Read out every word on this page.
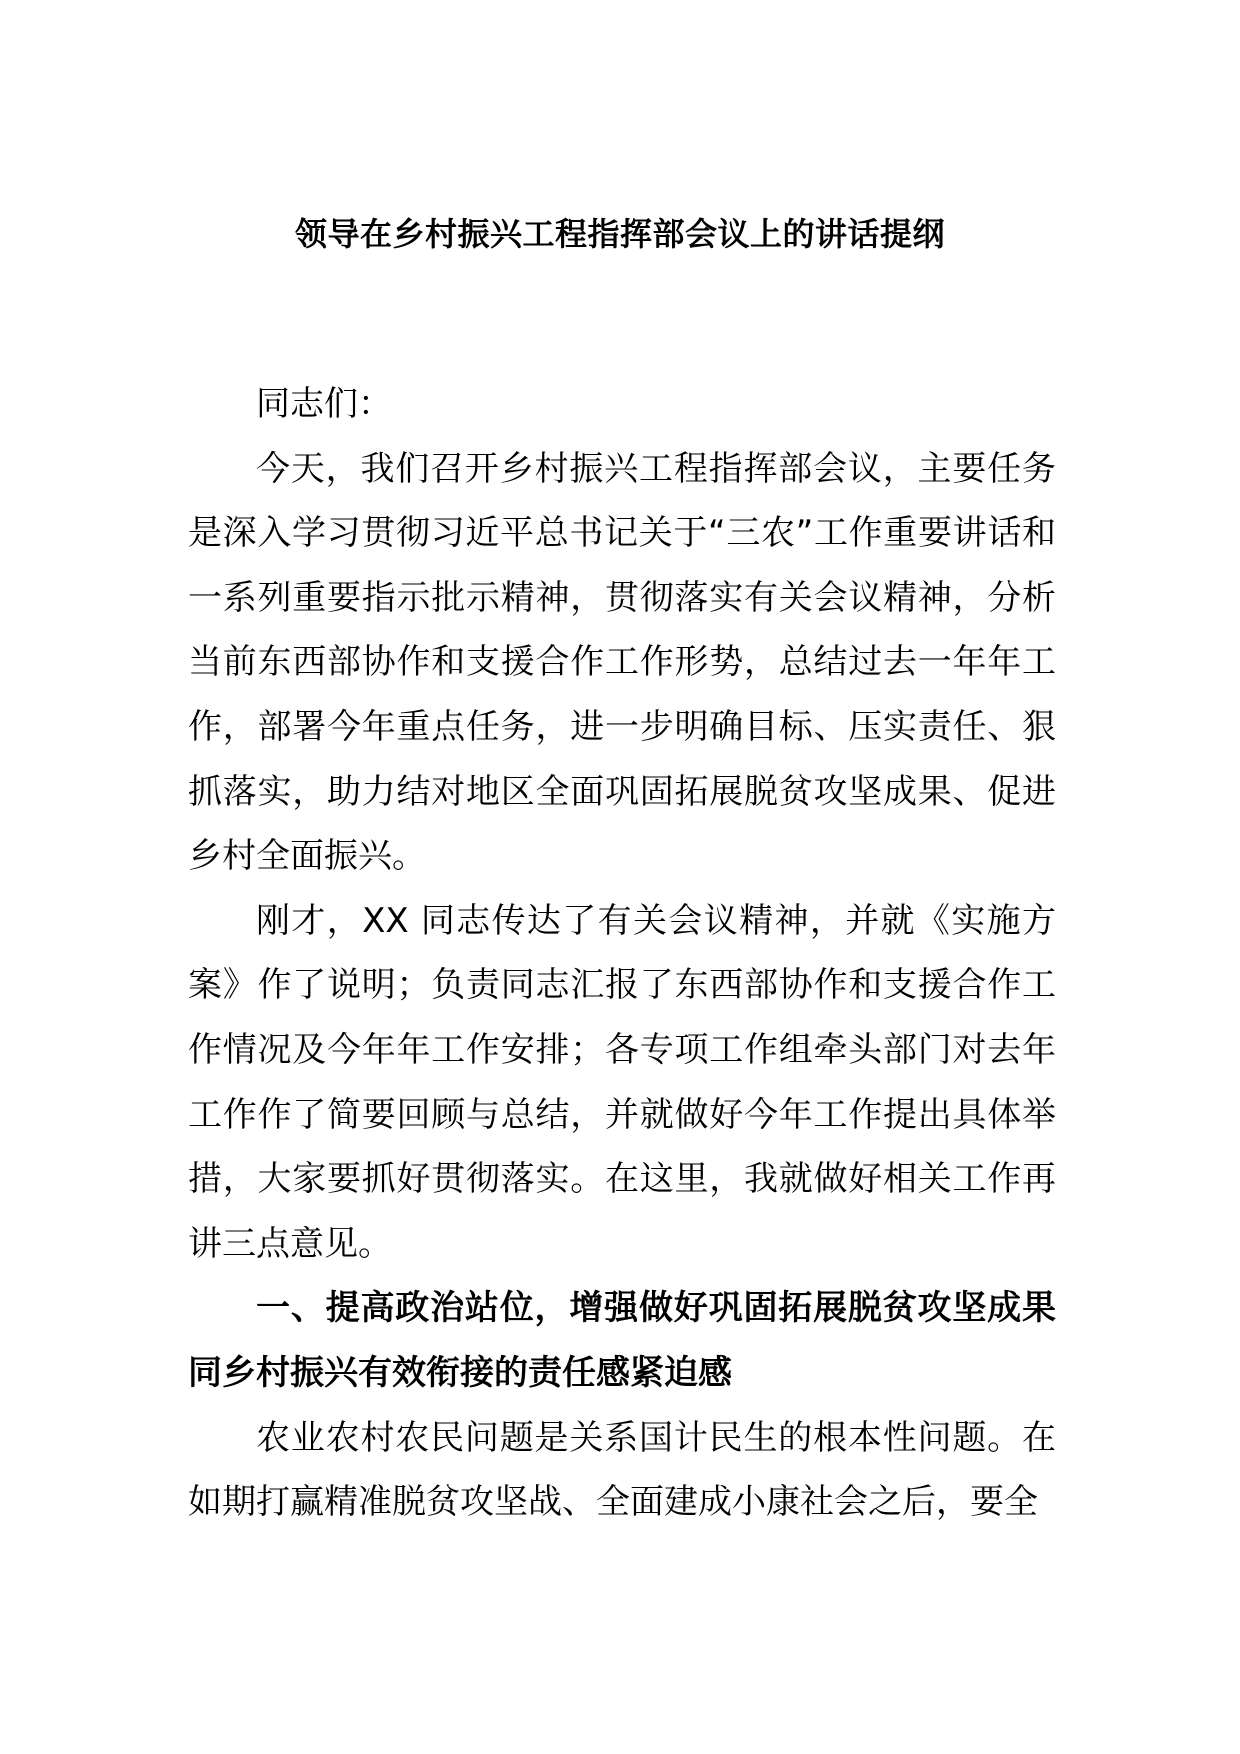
领导在乡村振兴工程指挥部会议上的讲话提纲

同志们：

今天，我们召开乡村振兴工程指挥部会议，主要任务是深入学习贯彻习近平总书记关于“三农”工作重要讲话和一系列重要指示批示精神，贯彻落实有关会议精神，分析当前东西部协作和支援合作工作形势，总结过去一年年工作，部署今年重点任务，进一步明确目标、压实责任、狠抓落实，助力结对地区全面巩固拓展脱贫攻坚成果、促进乡村全面振兴。

刚才，XX 同志传达了有关会议精神，并就《实施方案》作了说明；负责同志汇报了东西部协作和支援合作工作情况及今年年工作安排；各专项工作组牵头部门对去年工作作了简要回顾与总结，并就做好今年工作提出具体举措，大家要抓好贯彻落实。在这里，我就做好相关工作再讲三点意见。

一、提高政治站位，增强做好巩固拓展脱贫攻坚成果同乡村振兴有效衔接的责任感紧迫感

农业农村农民问题是关系国计民生的根本性问题。在如期打赢精准脱贫攻坚战、全面建成小康社会之后，要全
